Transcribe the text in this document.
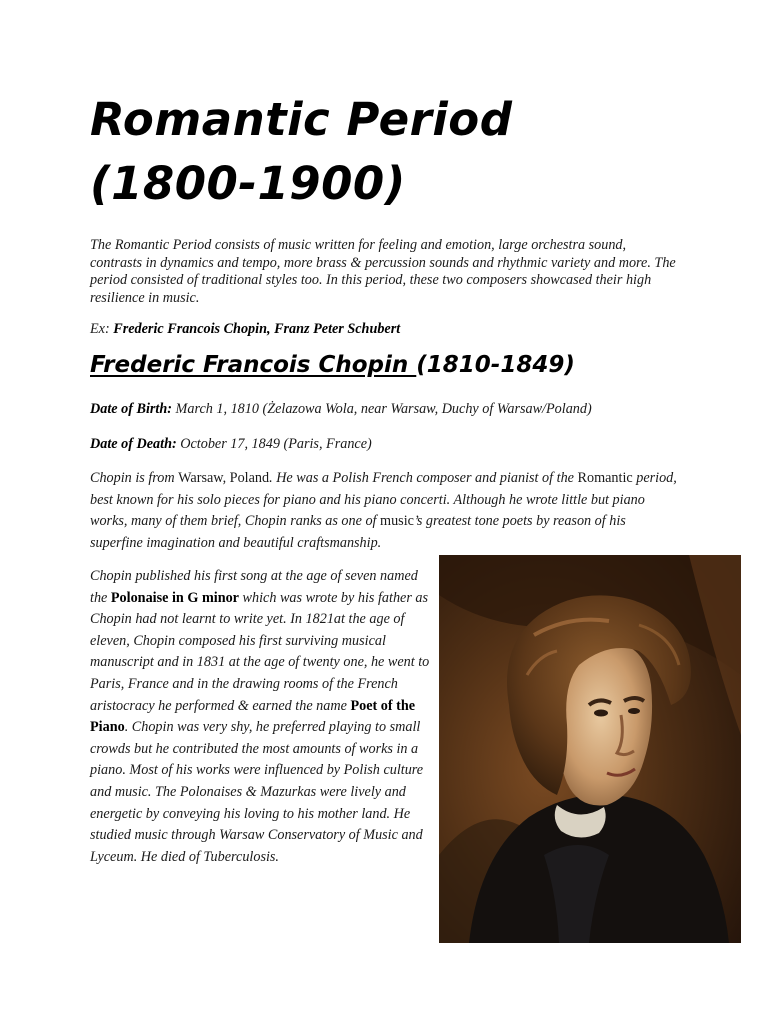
Romantic Period
(1800-1900)

The Romantic Period consists of music written for feeling and emotion, large orchestra sound, contrasts in dynamics and tempo, more brass & percussion sounds and rhythmic variety and more. The period consisted of traditional styles too. In this period, these two composers showcased their high resilience in music.

Ex: Frederic Francois Chopin, Franz Peter Schubert

Frederic Francois Chopin (1810-1849)

Date of Birth: March 1, 1810 (Żelazowa Wola, near Warsaw, Duchy of Warsaw/Poland)

Date of Death: October 17, 1849 (Paris, France)

Chopin is from Warsaw, Poland. He was a Polish French composer and pianist of the Romantic period, best known for his solo pieces for piano and his piano concerti. Although he wrote little but piano works, many of them brief, Chopin ranks as one of music’s greatest tone poets by reason of his superfine imagination and beautiful craftsmanship.

Chopin published his first song at the age of seven named the Polonaise in G minor which was wrote by his father as Chopin had not learnt to write yet. In 1821at the age of eleven, Chopin composed his first surviving musical manuscript and in 1831 at the age of twenty one, he went to Paris, France and in the drawing rooms of the French aristocracy he performed & earned the name Poet of the Piano. Chopin was very shy, he preferred playing to small crowds but he contributed the most amounts of works in a piano. Most of his works were influenced by Polish culture and music. The Polonaises & Mazurkas were lively and energetic by conveying his loving to his mother land. He studied music through Warsaw Conservatory of Music and Lyceum. He died of Tuberculosis.
